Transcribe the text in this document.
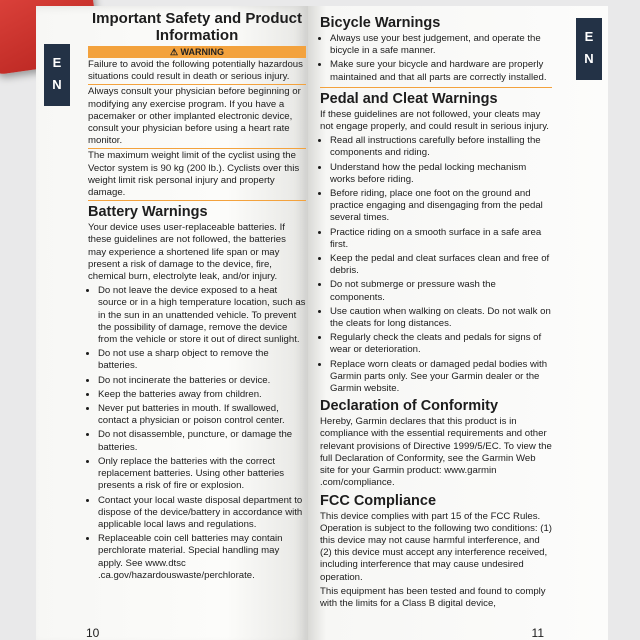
E
N
Important Safety and Product Information
⚠ WARNING

Failure to avoid the following potentially hazardous situations could result in death or serious injury.

Always consult your physician before beginning or modifying any exercise program. If you have a pacemaker or other implanted electronic device, consult your physician before using a heart rate monitor.

The maximum weight limit of the cyclist using the Vector system is 90 kg (200 lb.). Cyclists over this weight limit risk personal injury and property damage.

Battery Warnings

Your device uses user-replaceable batteries. If these guidelines are not followed, the batteries may experience a shortened life span or may present a risk of damage to the device, fire, chemical burn, electrolyte leak, and/or injury.

• Do not leave the device exposed to a heat source or in a high temperature location, such as in the sun in an unattended vehicle. To prevent the possibility of damage, remove the device from the vehicle or store it out of direct sunlight.
• Do not use a sharp object to remove the batteries.
• Do not incinerate the batteries or device.
• Keep the batteries away from children.
• Never put batteries in mouth. If swallowed, contact a physician or poison control center.
• Do not disassemble, puncture, or damage the batteries.
• Only replace the batteries with the correct replacement batteries. Using other batteries presents a risk of fire or explosion.
• Contact your local waste disposal department to dispose of the device/battery in accordance with applicable local laws and regulations.
• Replaceable coin cell batteries may contain perchlorate material. Special handling may apply. See www.dtsc .ca.gov/hazardouswaste/perchlorate.
10
E
N
Bicycle Warnings
• Always use your best judgement, and operate the bicycle in a safe manner.
• Make sure your bicycle and hardware are properly maintained and that all parts are correctly installed.
Pedal and Cleat Warnings

If these guidelines are not followed, your cleats may not engage properly, and could result in serious injury.

• Read all instructions carefully before installing the components and riding.
• Understand how the pedal locking mechanism works before riding.
• Before riding, place one foot on the ground and practice engaging and disengaging from the pedal several times.
• Practice riding on a smooth surface in a safe area first.
• Keep the pedal and cleat surfaces clean and free of debris.
• Do not submerge or pressure wash the components.
• Use caution when walking on cleats. Do not walk on the cleats for long distances.
• Regularly check the cleats and pedals for signs of wear or deterioration.
• Replace worn cleats or damaged pedal bodies with Garmin parts only. See your Garmin dealer or the Garmin website.
Declaration of Conformity

Hereby, Garmin declares that this product is in compliance with the essential requirements and other relevant provisions of Directive 1999/5/EC. To view the full Declaration of Conformity, see the Garmin Web site for your Garmin product: www.garmin .com/compliance.

FCC Compliance

This device complies with part 15 of the FCC Rules. Operation is subject to the following two conditions: (1) this device may not cause harmful interference, and (2) this device must accept any interference received, including interference that may cause undesired operation.

This equipment has been tested and found to comply with the limits for a Class B digital device,

11
